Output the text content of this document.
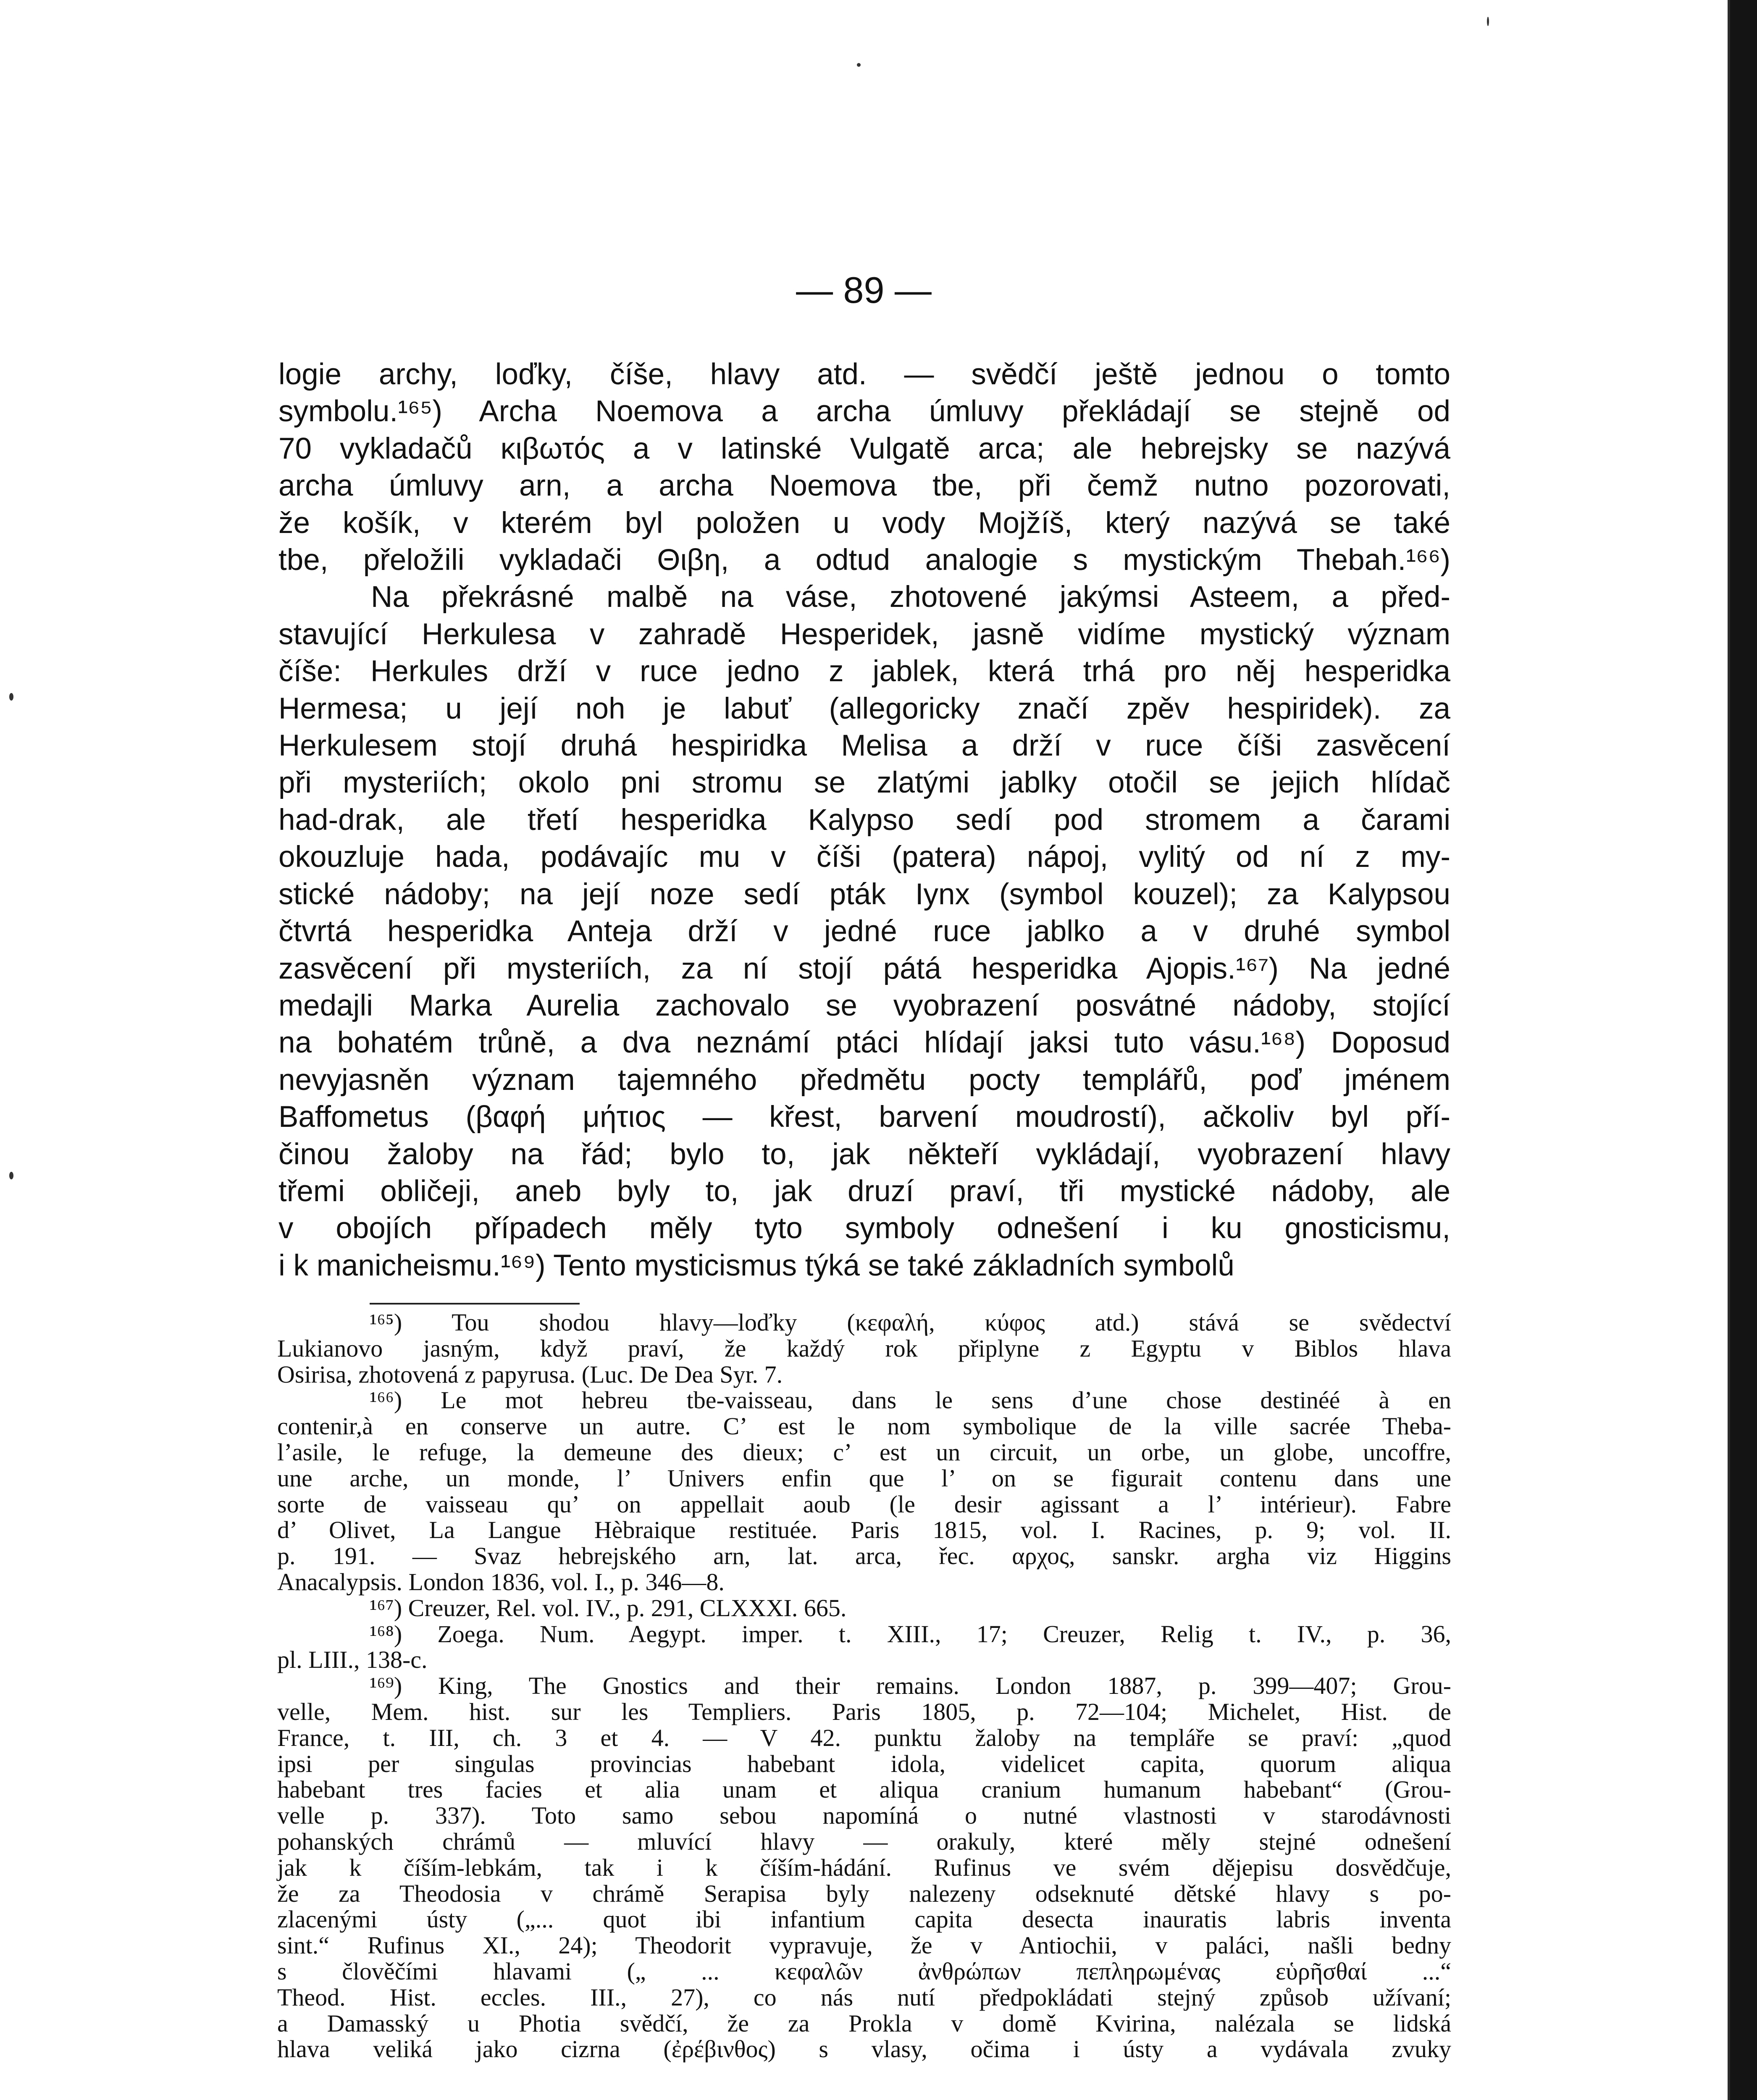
— 89 —

logie archy, loďky, číše, hlavy atd. — svědčí ještě jednou o tomto

symbolu.¹⁶⁵) Archa Noemova a archa úmluvy překládají se stejně od

70 vykladačů κιβωτός a v latinské Vulgatě arca; ale hebrejsky se nazývá

archa úmluvy arn, a archa Noemova tbe, při čemž nutno pozorovati,

že košík, v kterém byl položen u vody Mojžíš, který nazývá se také

tbe, přeložili vykladači Θιβη, a odtud analogie s mystickým Thebah.¹⁶⁶)

Na překrásné malbě na váse, zhotovené jakýmsi Asteem, a před-

stavující Herkulesa v zahradě Hesperidek, jasně vidíme mystický význam

číše: Herkules drží v ruce jedno z jablek, která trhá pro něj hesperidka

Hermesa; u její noh je labuť (allegoricky značí zpěv hespiridek). za

Herkulesem stojí druhá hespiridka Melisa a drží v ruce číši zasvěcení

při mysteriích; okolo pni stromu se zlatými jablky otočil se jejich hlídač

had-drak, ale třetí hesperidka Kalypso sedí pod stromem a čarami

okouzluje hada, podávajíc mu v číši (patera) nápoj, vylitý od ní z my-

stické nádoby; na její noze sedí pták Iynx (symbol kouzel); za Kalypsou

čtvrtá hesperidka Anteja drží v jedné ruce jablko a v druhé symbol

zasvěcení při mysteriích, za ní stojí pátá hesperidka Ajopis.¹⁶⁷) Na jedné

medajli Marka Aurelia zachovalo se vyobrazení posvátné nádoby, stojící

na bohatém trůně, a dva neznámí ptáci hlídají jaksi tuto vásu.¹⁶⁸) Doposud

nevyjasněn význam tajemného předmětu pocty templářů, poď jménem

Baffometus (βαφή μήτιος — křest, barvení moudrostí), ačkoliv byl pří-

činou žaloby na řád; bylo to, jak někteří vykládají, vyobrazení hlavy

třemi obličeji, aneb byly to, jak druzí praví, tři mystické nádoby, ale

v obojích případech měly tyto symboly odnešení i ku gnosticismu,

i k manicheismu.¹⁶⁹) Tento mysticismus týká se také základních symbolů

¹⁶⁵) Tou shodou hlavy—loďky (κεφαλή, κύφος atd.) stává se svědectví

Lukianovo jasným, když praví, že každý rok připlyne z Egyptu v Biblos hlava

Osirisa, zhotovená z papyrusa. (Luc. De Dea Syr. 7.

¹⁶⁶) Le mot hebreu tbe-vaisseau, dans le sens d’une chose destinéé à en

contenir,à en conserve un autre. C’ est le nom symbolique de la ville sacrée Theba-

l’asile, le refuge, la demeune des dieux; c’ est un circuit, un orbe, un globe, uncoffre,

une arche, un monde, l’ Univers enfin que l’ on se figurait contenu dans une

sorte de vaisseau qu’ on appellait aoub (le desir agissant a l’ intérieur). Fabre

d’ Olivet, La Langue Hèbraique restituée. Paris 1815, vol. I. Racines, p. 9; vol. II.

p. 191. — Svaz hebrejského arn, lat. arca, řec. αρχος, sanskr. argha viz Higgins

Anacalypsis. London 1836, vol. I., p. 346—8.

¹⁶⁷) Creuzer, Rel. vol. IV., p. 291, CLXXXI. 665.

¹⁶⁸) Zoega. Num. Aegypt. imper. t. XIII., 17; Creuzer, Relig t. IV., p. 36,

pl. LIII., 138-c.

¹⁶⁹) King, The Gnostics and their remains. London 1887, p. 399—407; Grou-

velle, Mem. hist. sur les Templiers. Paris 1805, p. 72—104; Michelet, Hist. de

France, t. III, ch. 3 et 4. — V 42. punktu žaloby na templáře se praví: „quod

ipsi per singulas provincias habebant idola, videlicet capita, quorum aliqua

habebant tres facies et alia unam et aliqua cranium humanum habebant“ (Grou-

velle p. 337). Toto samo sebou napomíná o nutné vlastnosti v starodávnosti

pohanských chrámů — mluvící hlavy — orakuly, které měly stejné odnešení

jak k číším-lebkám, tak i k číším-hádání. Rufinus ve svém dějepisu dosvědčuje,

že za Theodosia v chrámě Serapisa byly nalezeny odseknuté dětské hlavy s po-

zlacenými ústy („... quot ibi infantium capita desecta inauratis labris inventa

sint.“ Rufinus XI., 24); Theodorit vypravuje, že v Antiochii, v paláci, našli bedny

s člověčími hlavami („ ... κεφαλῶν ἀνθρώπων πεπληρωμένας εὑρῆσθαί ...“

Theod. Hist. eccles. III., 27), co nás nutí předpokládati stejný způsob užívaní;

a Damasský u Photia svědčí, že za Prokla v domě Kvirina, nalézala se lidská

hlava veliká jako cizrna (ἐρέβινθος) s vlasy, očima i ústy a vydávala zvuky
